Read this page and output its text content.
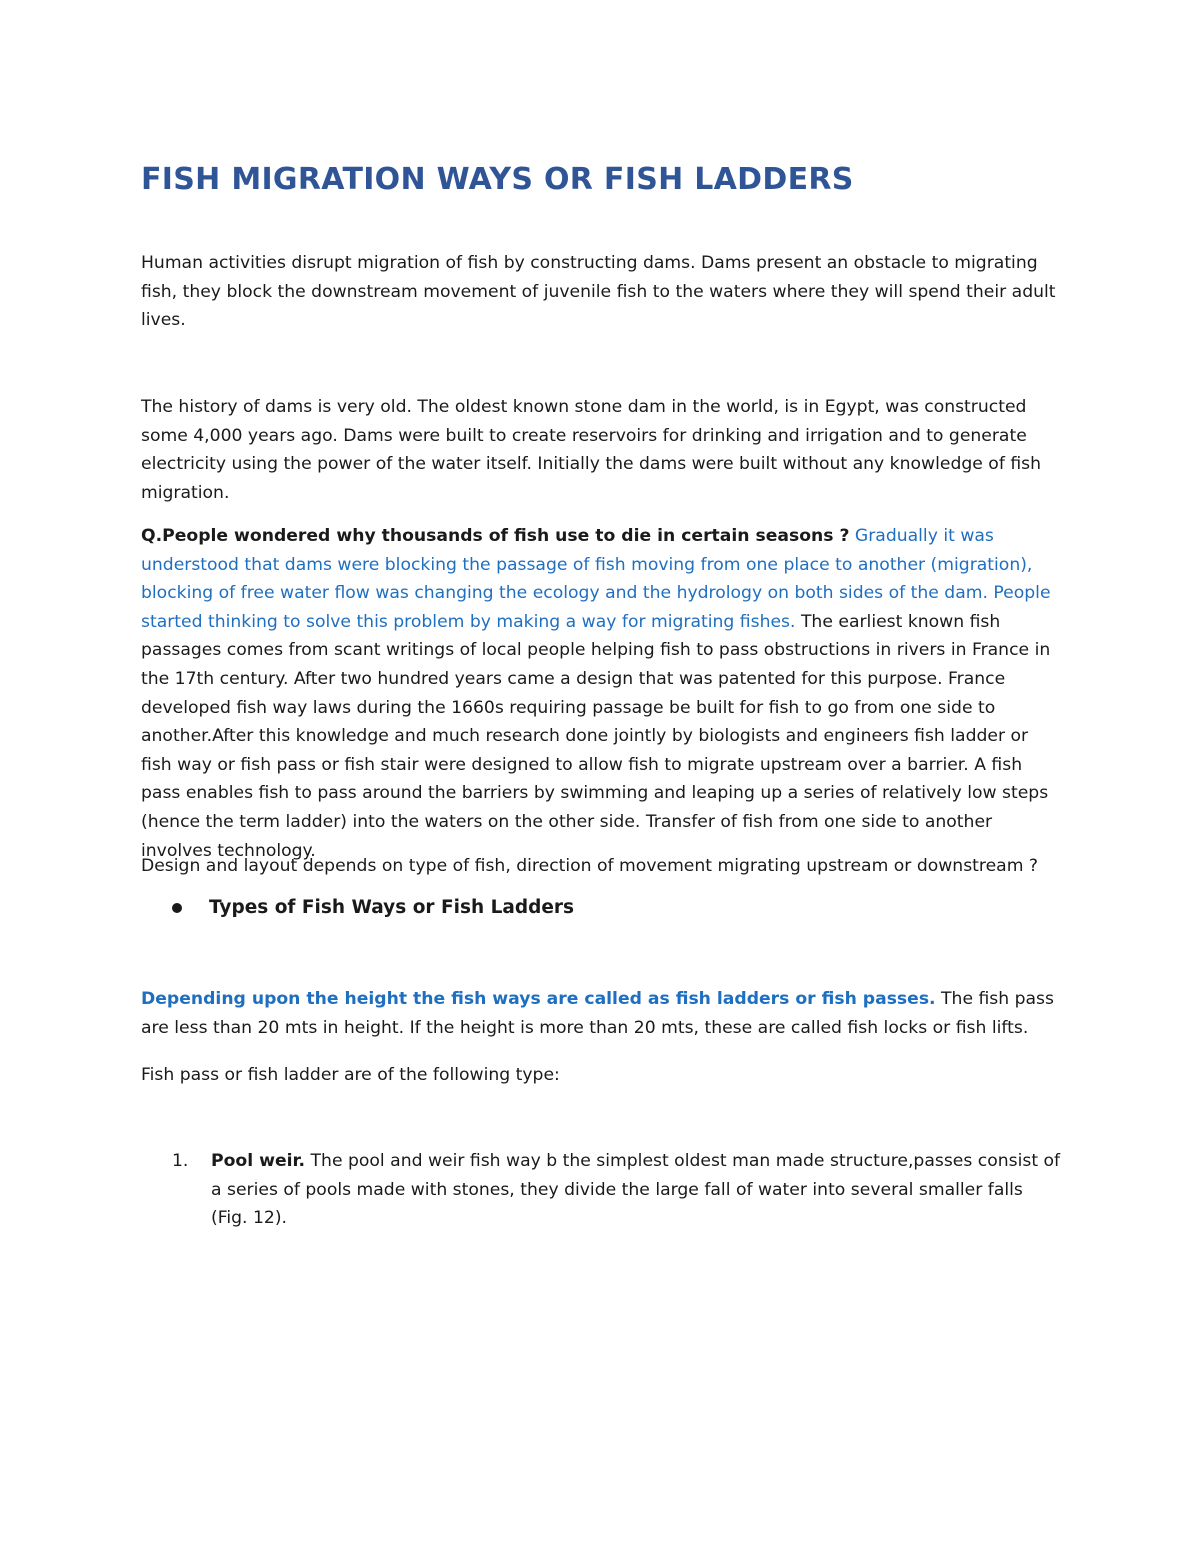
FISH MIGRATION WAYS OR FISH LADDERS

Human activities disrupt migration of fish by constructing dams. Dams present an obstacle to migrating fish, they block the downstream movement of juvenile fish to the waters where they will spend their adult lives.

The history of dams is very old. The oldest known stone dam in the world, is in Egypt, was constructed some 4,000 years ago. Dams were built to create reservoirs for drinking and irrigation and to generate electricity using the power of the water itself. Initially the dams were built without any knowledge of fish migration.

Q.People wondered why thousands of fish use to die in certain seasons ? Gradually it was understood that dams were blocking the passage of fish moving from one place to another (migration), blocking of free water flow was changing the ecology and the hydrology on both sides of the dam. People started thinking to solve this problem by making a way for migrating fishes. The earliest known fish passages comes from scant writings of local people helping fish to pass obstructions in rivers in France in the 17th century. After two hundred years came a design that was patented for this purpose. France developed fish way laws during the 1660s requiring passage be built for fish to go from one side to another.After this knowledge and much research done jointly by biologists and engineers fish ladder or fish way or fish pass or fish stair were designed to allow fish to migrate upstream over a barrier. A fish pass enables fish to pass around the barriers by swimming and leaping up a series of relatively low steps (hence the term ladder) into the waters on the other side. Transfer of fish from one side to another involves technology.

Design and layout depends on type of fish, direction of movement migrating upstream or downstream ?

Types of Fish Ways or Fish Ladders

Depending upon the height the fish ways are called as fish ladders or fish passes. The fish pass are less than 20 mts in height. If the height is more than 20 mts, these are called fish locks or fish lifts.

Fish pass or fish ladder are of the following type:

1.	Pool weir. The pool and weir fish way b the simplest oldest man made structure,passes consist of a series of pools made with stones, they divide the large fall of water into several smaller falls (Fig. 12).
